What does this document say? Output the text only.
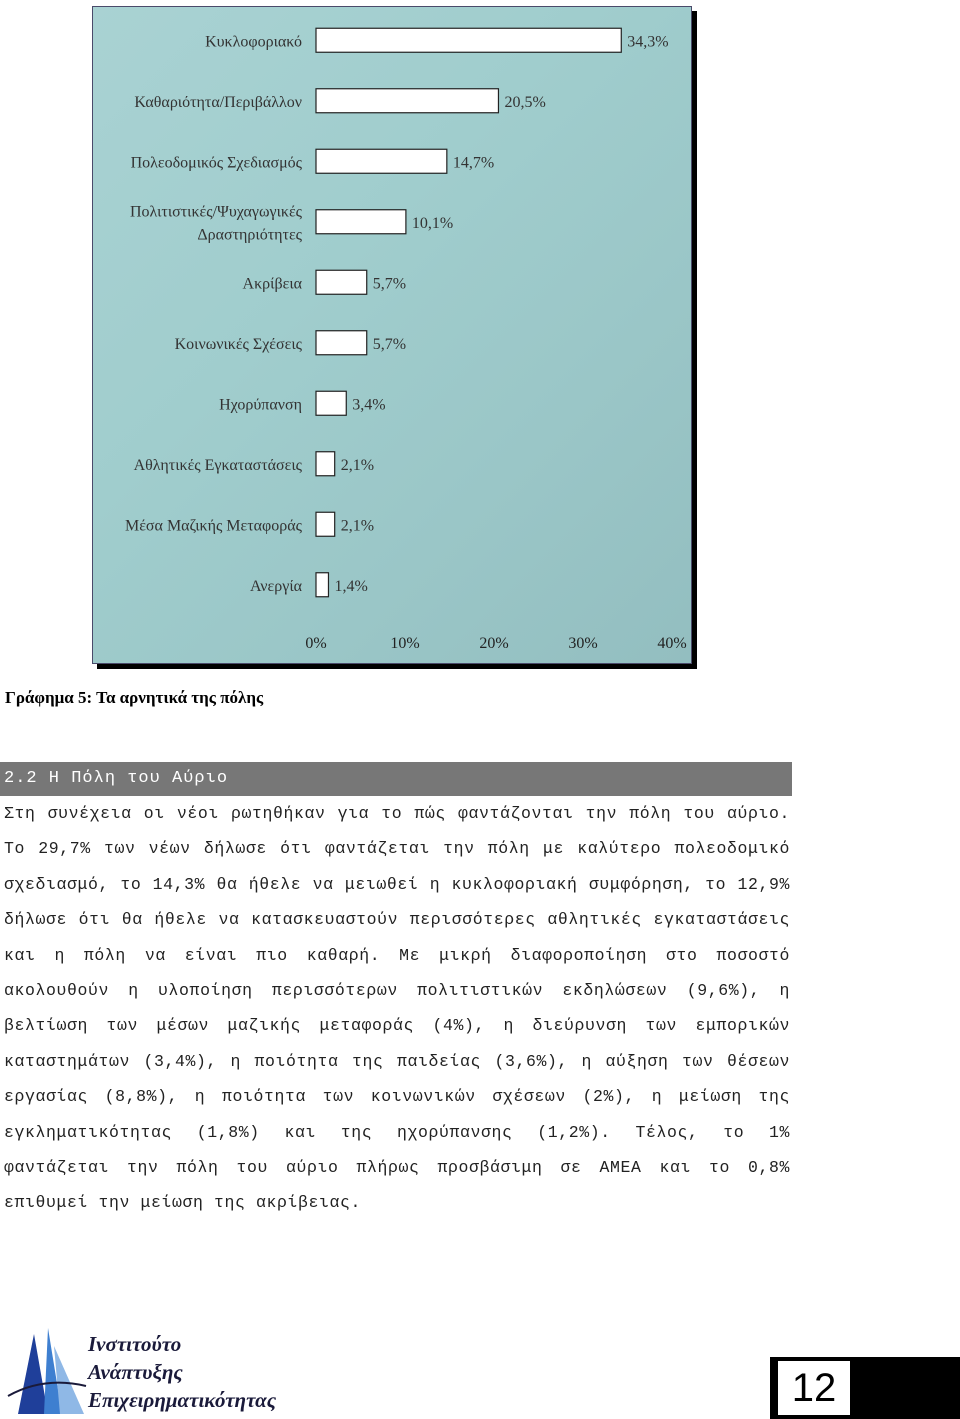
34,3%
Κυκλοφοριακό
20,5%
Καθαριότητα/Περιβάλλον
14,7%
Πολεοδομικός Σχεδιασμός
10,1%
Πολιτιστικές/Ψυχαγωγικές Δραστηριότητες
5,7%
Ακρίβεια
5,7%
Κοινωνικές Σχέσεις
3,4%
Ηχορύπανση
2,1%
Αθλητικές Εγκαταστάσεις
2,1%
Μέσα Μαζικής Μεταφοράς
1,4%
Ανεργία
0%	10%	20%	30%	40%
Γράφημα 5: Τα αρνητικά της πόλης
2.2 Η Πόλη του Αύριο

Στη συνέχεια οι νέοι ρωτηθήκαν για το πώς φαντάζονται την πόλη του αύριο. Το 29,7% των νέων δήλωσε ότι φαντάζεται την πόλη με καλύτερο πολεοδομικό σχεδιασμό, το 14,3% θα ήθελε να μειωθεί η κυκλοφοριακή συμφόρηση, το 12,9% δήλωσε ότι θα ήθελε να κατασκευαστούν περισσότερες αθλητικές εγκαταστάσεις και η πόλη να είναι πιο καθαρή. Με μικρή διαφοροποίηση στο ποσοστό ακολουθούν η υλοποίηση περισσότερων πολιτιστικών εκδηλώσεων (9,6%), η βελτίωση των μέσων μαζικής μεταφοράς (4%), η διεύρυνση των εμπορικών καταστημάτων (3,4%), η ποιότητα της παιδείας (3,6%), η αύξηση των θέσεων εργασίας (8,8%), η ποιότητα των κοινωνικών σχέσεων (2%), η μείωση της εγκληματικότητας (1,8%) και της ηχορύπανσης (1,2%). Τέλος, το 1% φαντάζεται την πόλη του αύριο πλήρως προσβάσιμη σε ΑΜΕΑ και το 0,8% επιθυμεί την μείωση της ακρίβειας.

Ινστιτούτο
Ανάπτυξης
Επιχειρηματικότητας	12
